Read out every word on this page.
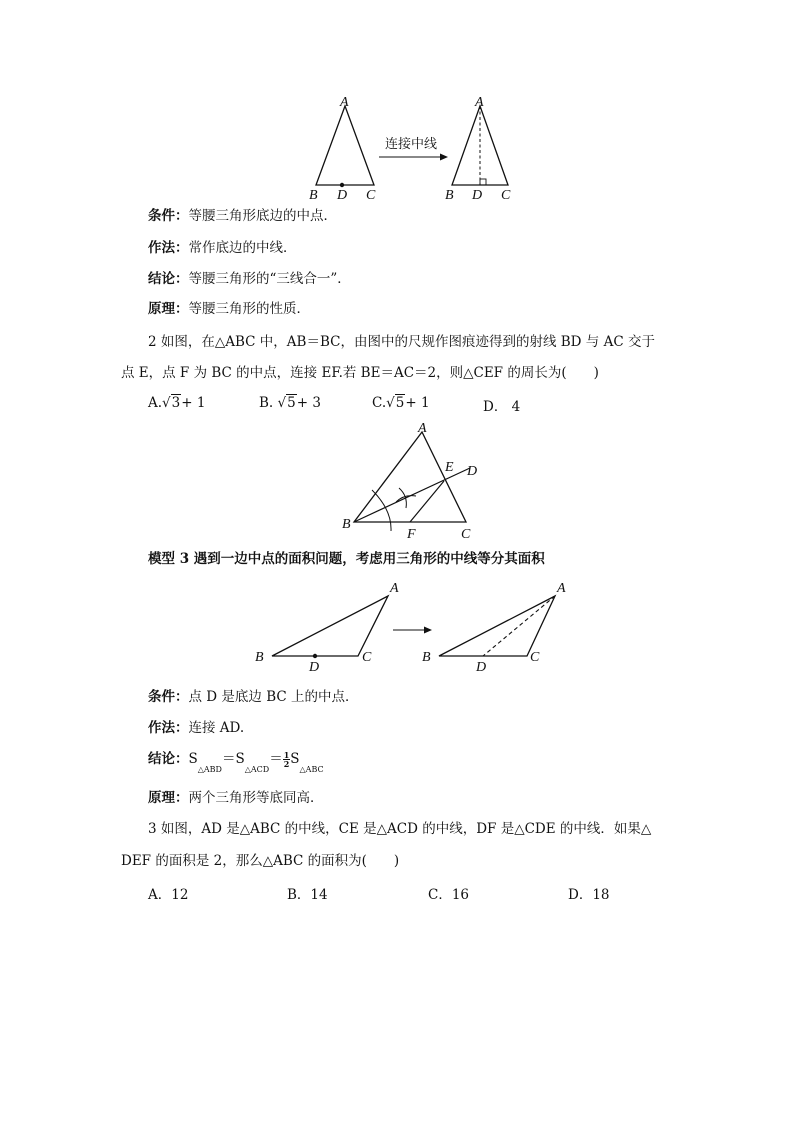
A
B D C
连接中线
A
B D C
条件：等腰三角形底边的中点．
作法：常作底边的中线．
结论：等腰三角形的“三线合一”．
原理：等腰三角形的性质．
2 如图，在△ABC 中，AB＝BC，由图中的尺规作图痕迹得到的射线 BD 与 AC 交于
点 E，点 F 为 BC 的中点，连接 EF.若 BE＝AC＝2，则△CEF 的周长为(　　)
A.√3+ 1	B. √5+ 3	C.√5+ 1	D． 4
A
E D
B
F	C
模型 3 遇到一边中点的面积问题，考虑用三角形的中线等分其面积
A
B
D
C
A
B
D
C
条件：点 D 是底边 BC 上的中点．
作法：连接 AD.
结论：$S_{\triangle ABD}=S_{\triangle ACD}= \frac{1}{2} S_{\triangle ABC}$
原理：两个三角形等底同高．
3 如图，AD 是△ABC 的中线，CE 是△ACD 的中线，DF 是△CDE 的中线．如果△
DEF 的面积是 2，那么△ABC 的面积为(　　)
A．12	B．14	C．16	D．18
